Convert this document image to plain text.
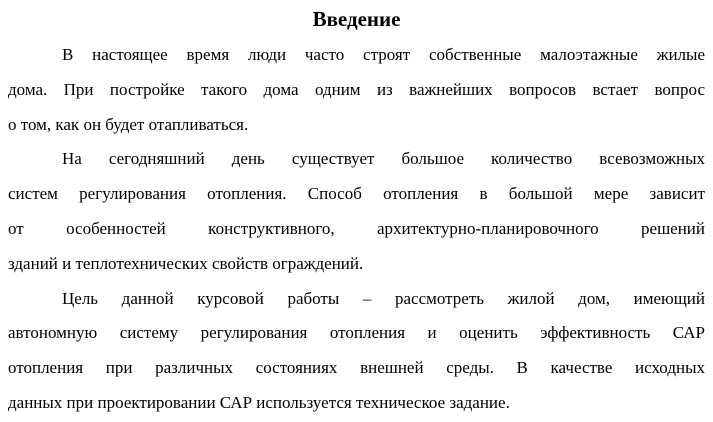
Введение

В настоящее время люди часто строят собственные малоэтажные жилые
дома. При постройке такого дома одним из важнейших вопросов встает вопрос
о том, как он будет отапливаться.

На сегодняшний день существует большое количество всевозможных
систем регулирования отопления. Способ отопления в большой мере зависит
от особенностей конструктивного, архитектурно-планировочного решений
зданий и теплотехнических свойств ограждений.

Цель данной курсовой работы – рассмотреть жилой дом, имеющий
автономную систему регулирования отопления и оценить эффективность САР
отопления при различных состояниях внешней среды. В качестве исходных
данных при проектировании САР используется техническое задание.
